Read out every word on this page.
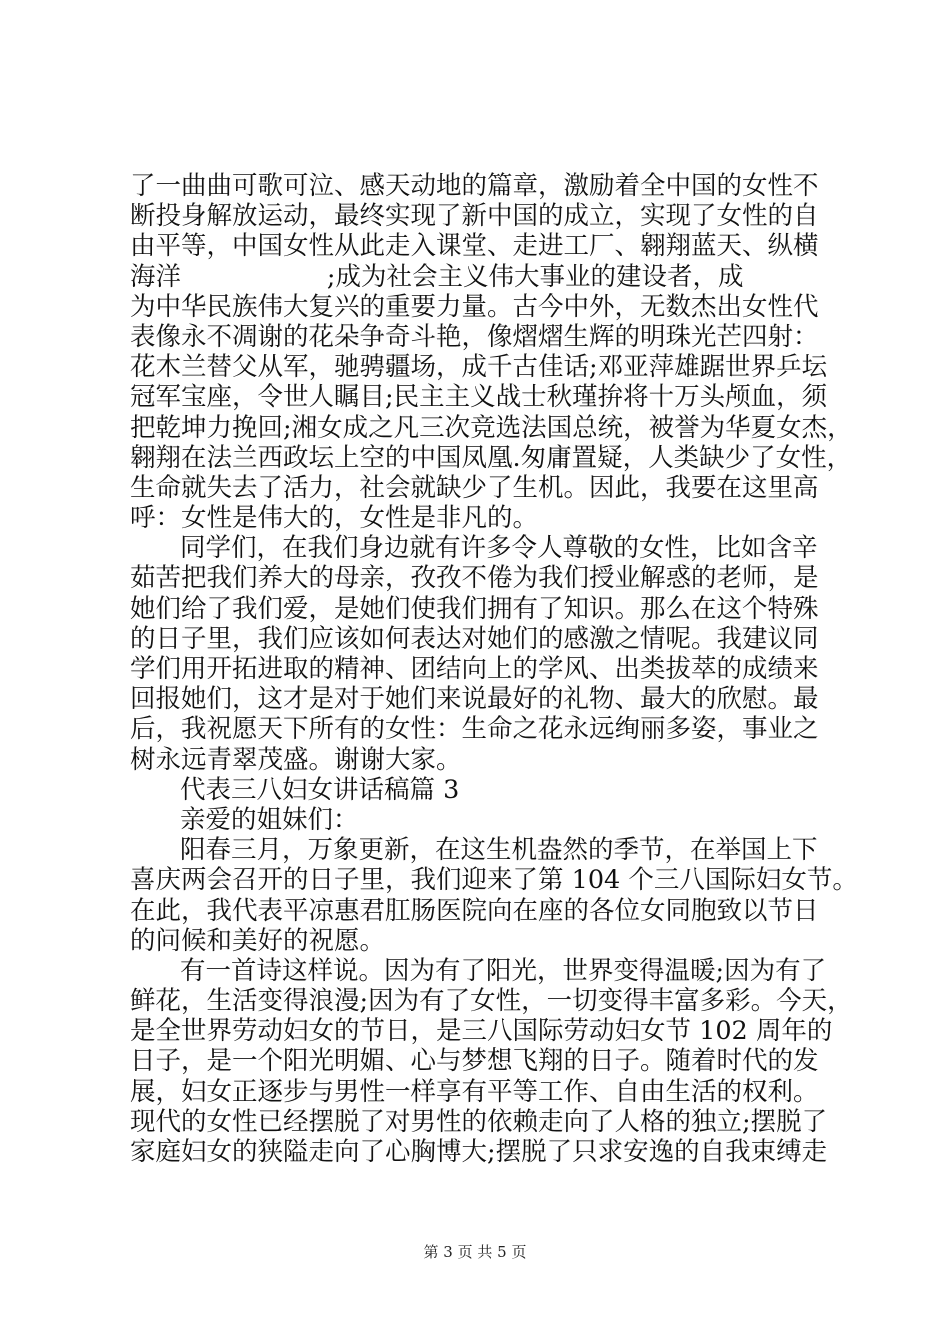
了一曲曲可歌可泣、感天动地的篇章，激励着全中国的女性不
断投身解放运动，最终实现了新中国的成立，实现了女性的自
由平等，中国女性从此走入课堂、走进工厂、翱翔蓝天、纵横
海洋                  ;成为社会主义伟大事业的建设者，成
为中华民族伟大复兴的重要力量。古今中外，无数杰出女性代
表像永不凋谢的花朵争奇斗艳，像熠熠生辉的明珠光芒四射：
花木兰替父从军，驰骋疆场，成千古佳话;邓亚萍雄踞世界乒坛
冠军宝座，令世人瞩目;民主主义战士秋瑾拚将十万头颅血，须
把乾坤力挽回;湘女成之凡三次竞选法国总统，被誉为华夏女杰，
翱翔在法兰西政坛上空的中国凤凰.匆庸置疑，人类缺少了女性，
生命就失去了活力，社会就缺少了生机。因此，我要在这里高
呼：女性是伟大的，女性是非凡的。
同学们，在我们身边就有许多令人尊敬的女性，比如含辛
茹苦把我们养大的母亲，孜孜不倦为我们授业解惑的老师，是
她们给了我们爱，是她们使我们拥有了知识。那么在这个特殊
的日子里，我们应该如何表达对她们的感激之情呢。我建议同
学们用开拓进取的精神、团结向上的学风、出类拔萃的成绩来
回报她们，这才是对于她们来说最好的礼物、最大的欣慰。最
后，我祝愿天下所有的女性：生命之花永远绚丽多姿，事业之
树永远青翠茂盛。谢谢大家。
代表三八妇女讲话稿篇 3
亲爱的姐妹们：
阳春三月，万象更新，在这生机盎然的季节，在举国上下
喜庆两会召开的日子里，我们迎来了第 104 个三八国际妇女节。
在此，我代表平凉惠君肛肠医院向在座的各位女同胞致以节日
的问候和美好的祝愿。
有一首诗这样说。因为有了阳光，世界变得温暖;因为有了
鲜花，生活变得浪漫;因为有了女性，一切变得丰富多彩。今天，
是全世界劳动妇女的节日，是三八国际劳动妇女节 102 周年的
日子，是一个阳光明媚、心与梦想飞翔的日子。随着时代的发
展，妇女正逐步与男性一样享有平等工作、自由生活的权利。
现代的女性已经摆脱了对男性的依赖走向了人格的独立;摆脱了
家庭妇女的狭隘走向了心胸博大;摆脱了只求安逸的自我束缚走
第 3 页 共 5 页
